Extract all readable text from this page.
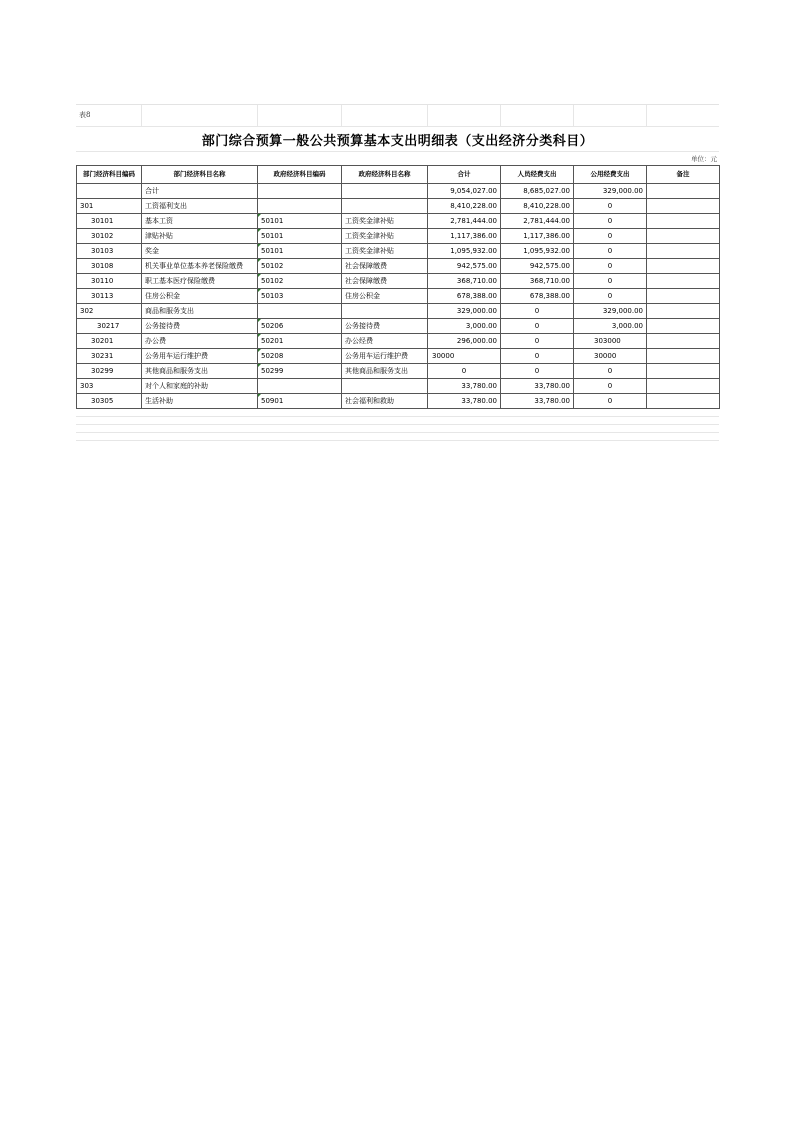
表8
部门综合预算一般公共预算基本支出明细表（支出经济分类科目）
单位：元
部门经济科目编码	部门经济科目名称	政府经济科目编码	政府经济科目名称	合计	人员经费支出	公用经费支出	备注
	合计			9,054,027.00	8,685,027.00	329,000.00	
301	工资福利支出			8,410,228.00	8,410,228.00	0	
30101	基本工资	50101	工资奖金津补贴	2,781,444.00	2,781,444.00	0	
30102	津贴补贴	50101	工资奖金津补贴	1,117,386.00	1,117,386.00	0	
30103	奖金	50101	工资奖金津补贴	1,095,932.00	1,095,932.00	0	
30108	机关事业单位基本养老保险缴费	50102	社会保障缴费	942,575.00	942,575.00	0	
30110	职工基本医疗保险缴费	50102	社会保障缴费	368,710.00	368,710.00	0	
30113	住房公积金	50103	住房公积金	678,388.00	678,388.00	0	
302	商品和服务支出			329,000.00	0	329,000.00	
30217	公务接待费	50206	公务接待费	3,000.00	0	3,000.00	
30201	办公费	50201	办公经费	296,000.00	0	303000	
30231	公务用车运行维护费	50208	公务用车运行维护费	30000	0	30000	
30299	其他商品和服务支出	50299	其他商品和服务支出	0	0	0	
303	对个人和家庭的补助			33,780.00	33,780.00	0	
30305	生活补助	50901	社会福利和救助	33,780.00	33,780.00	0	
